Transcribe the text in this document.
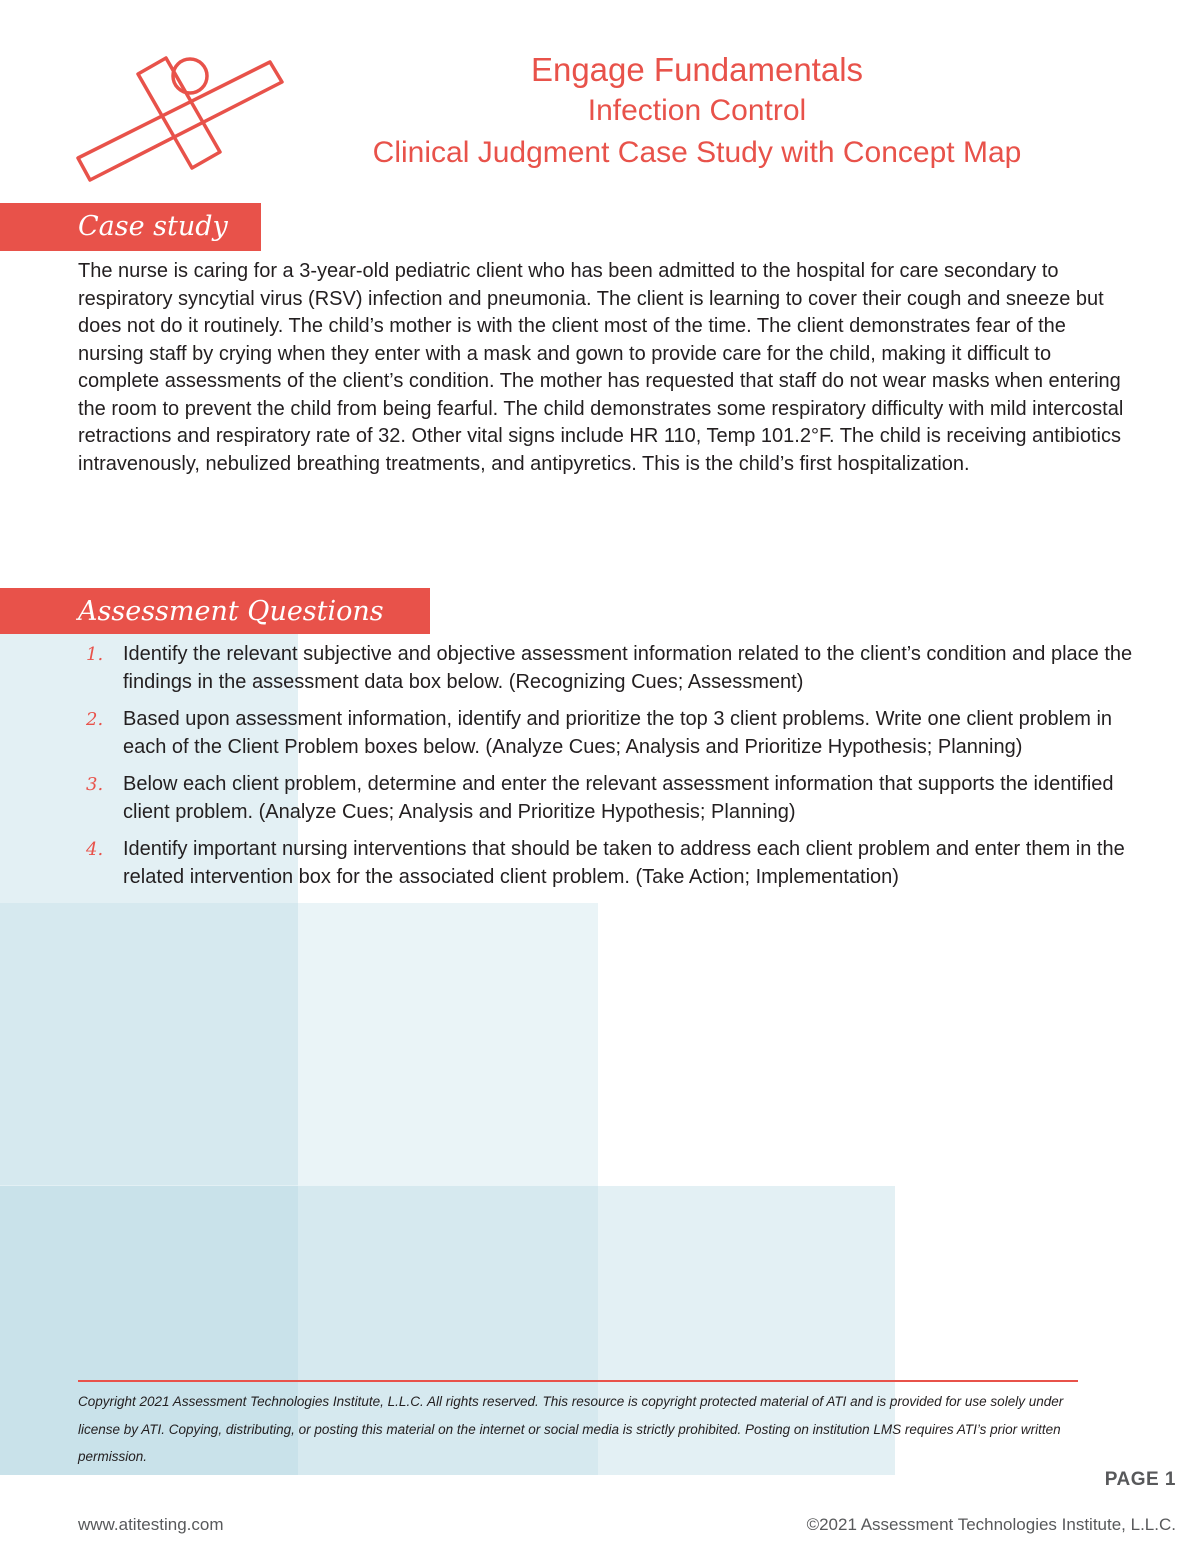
Engage Fundamentals
Infection Control
Clinical Judgment Case Study with Concept Map
Case study
The nurse is caring for a 3-year-old pediatric client who has been admitted to the hospital for care secondary to respiratory syncytial virus (RSV) infection and pneumonia. The client is learning to cover their cough and sneeze but does not do it routinely. The child’s mother is with the client most of the time. The client demonstrates fear of the nursing staff by crying when they enter with a mask and gown to provide care for the child, making it difficult to complete assessments of the client’s condition. The mother has requested that staff do not wear masks when entering the room to prevent the child from being fearful. The child demonstrates some respiratory difficulty with mild intercostal retractions and respiratory rate of 32. Other vital signs include HR 110, Temp 101.2°F. The child is receiving antibiotics intravenously, nebulized breathing treatments, and antipyretics. This is the child’s first hospitalization.
Assessment Questions
1. Identify the relevant subjective and objective assessment information related to the client’s condition and place the findings in the assessment data box below. (Recognizing Cues; Assessment)
2. Based upon assessment information, identify and prioritize the top 3 client problems. Write one client problem in each of the Client Problem boxes below. (Analyze Cues; Analysis and Prioritize Hypothesis; Planning)
3. Below each client problem, determine and enter the relevant assessment information that supports the identified client problem. (Analyze Cues; Analysis and Prioritize Hypothesis; Planning)
4. Identify important nursing interventions that should be taken to address each client problem and enter them in the related intervention box for the associated client problem. (Take Action; Implementation)
Copyright 2021 Assessment Technologies Institute, L.L.C. All rights reserved. This resource is copyright protected material of ATI and is provided for use solely under license by ATI. Copying, distributing, or posting this material on the internet or social media is strictly prohibited. Posting on institution LMS requires ATI’s prior written permission.
PAGE 1
www.atitesting.com	©2021 Assessment Technologies Institute, L.L.C.
